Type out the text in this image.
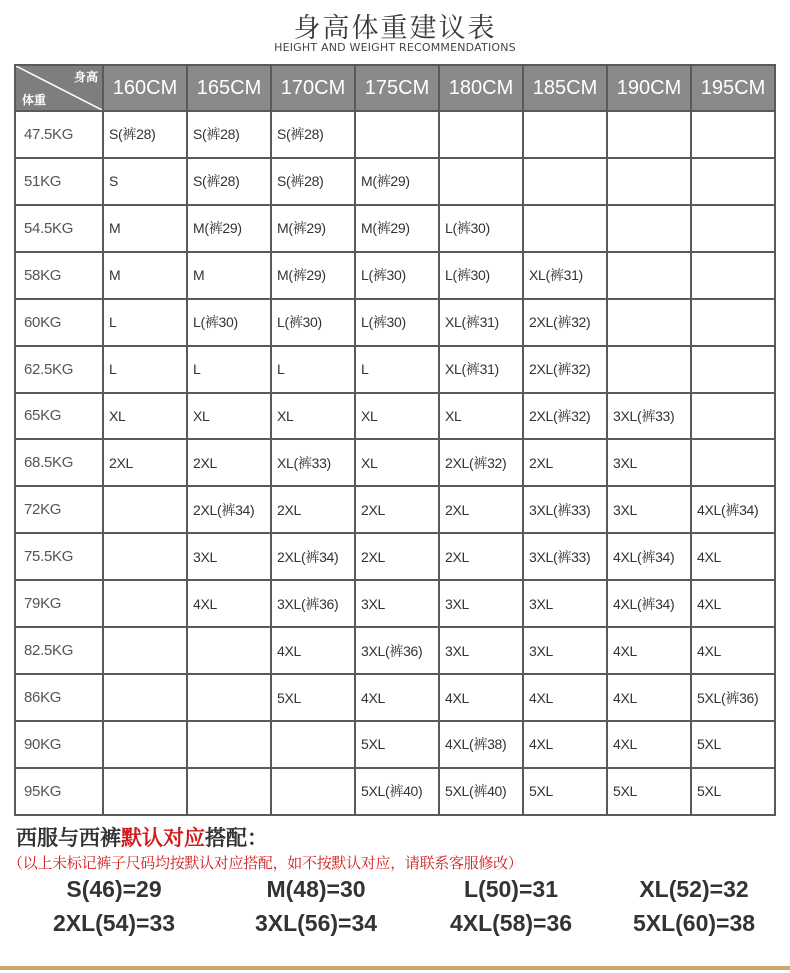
身高体重建议表
HEIGHT AND WEIGHT RECOMMENDATIONS
身高
体重	160CM	165CM	170CM	175CM	180CM	185CM	190CM	195CM
47.5KG	S(裤28)	S(裤28)	S(裤28)					
51KG	S	S(裤28)	S(裤28)	M(裤29)				
54.5KG	M	M(裤29)	M(裤29)	M(裤29)	L(裤30)			
58KG	M	M	M(裤29)	L(裤30)	L(裤30)	XL(裤31)		
60KG	L	L(裤30)	L(裤30)	L(裤30)	XL(裤31)	2XL(裤32)		
62.5KG	L	L	L	L	XL(裤31)	2XL(裤32)		
65KG	XL	XL	XL	XL	XL	2XL(裤32)	3XL(裤33)	
68.5KG	2XL	2XL	XL(裤33)	XL	2XL(裤32)	2XL	3XL	
72KG		2XL(裤34)	2XL	2XL	2XL	3XL(裤33)	3XL	4XL(裤34)
75.5KG		3XL	2XL(裤34)	2XL	2XL	3XL(裤33)	4XL(裤34)	4XL
79KG		4XL	3XL(裤36)	3XL	3XL	3XL	4XL(裤34)	4XL
82.5KG			4XL	3XL(裤36)	3XL	3XL	4XL	4XL
86KG			5XL	4XL	4XL	4XL	4XL	5XL(裤36)
90KG				5XL	4XL(裤38)	4XL	4XL	5XL
95KG				5XL(裤40)	5XL(裤40)	5XL	5XL	5XL
西服与西裤默认对应搭配：
（以上未标记裤子尺码均按默认对应搭配，如不按默认对应，请联系客服修改）
S(46)=29	M(48)=30	L(50)=31	XL(52)=32
2XL(54)=33	3XL(56)=34	4XL(58)=36	5XL(60)=38
